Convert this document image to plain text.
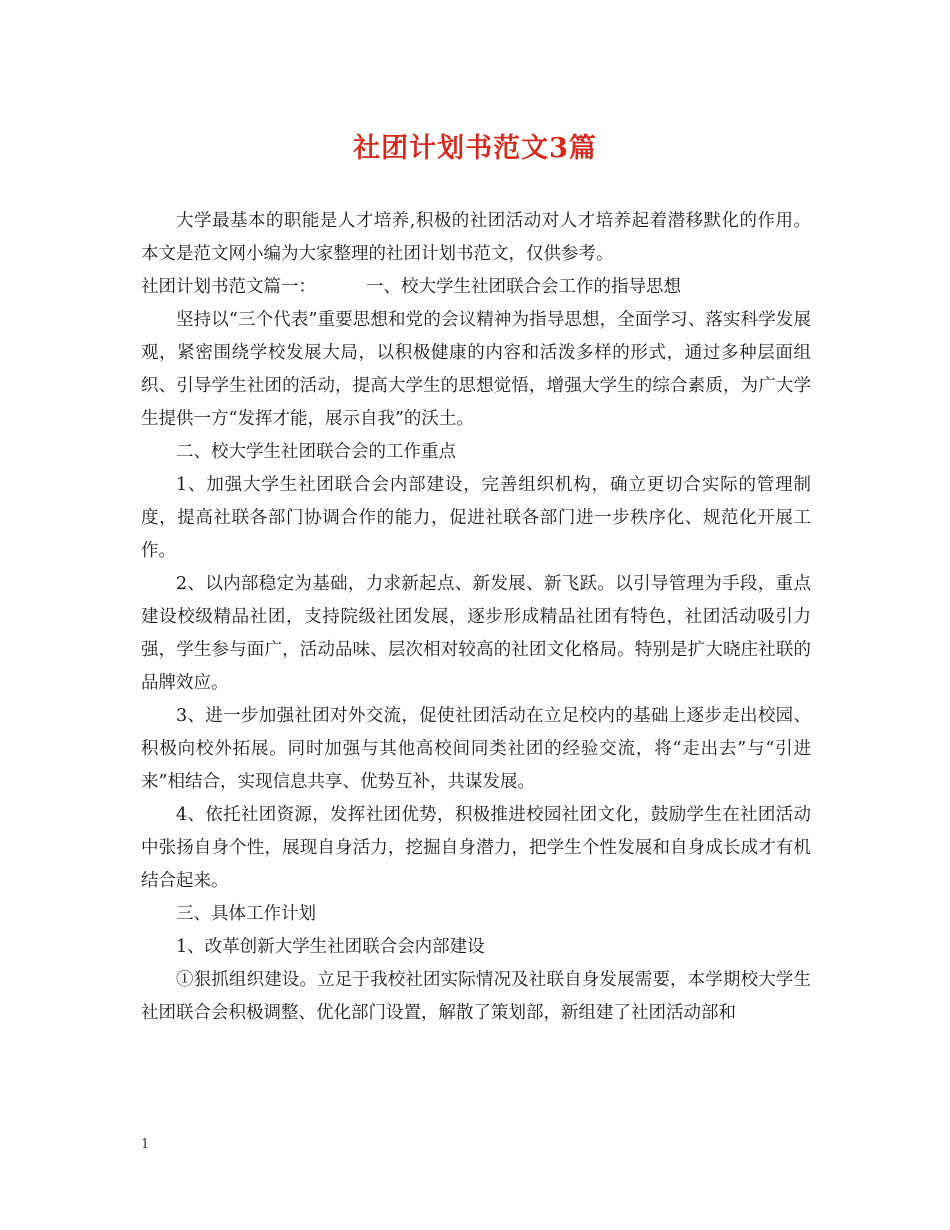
社团计划书范文3篇

大学最基本的职能是人才培养,积极的社团活动对人才培养起着潜移默化的作用。本文是范文网小编为大家整理的社团计划书范文，仅供参考。

社团计划书范文篇一：	一、校大学生社团联合会工作的指导思想

坚持以“三个代表”重要思想和党的会议精神为指导思想，全面学习、落实科学发展观，紧密围绕学校发展大局，以积极健康的内容和活泼多样的形式，通过多种层面组织、引导学生社团的活动，提高大学生的思想觉悟，增强大学生的综合素质，为广大学生提供一方“发挥才能，展示自我”的沃土。

二、校大学生社团联合会的工作重点

1、加强大学生社团联合会内部建设，完善组织机构，确立更切合实际的管理制度，提高社联各部门协调合作的能力，促进社联各部门进一步秩序化、规范化开展工作。

2、以内部稳定为基础，力求新起点、新发展、新飞跃。以引导管理为手段，重点建设校级精品社团，支持院级社团发展，逐步形成精品社团有特色，社团活动吸引力强，学生参与面广，活动品味、层次相对较高的社团文化格局。特别是扩大晓庄社联的品牌效应。

3、进一步加强社团对外交流，促使社团活动在立足校内的基础上逐步走出校园、积极向校外拓展。同时加强与其他高校间同类社团的经验交流，将“走出去”与“引进来”相结合，实现信息共享、优势互补，共谋发展。

4、依托社团资源，发挥社团优势，积极推进校园社团文化，鼓励学生在社团活动中张扬自身个性，展现自身活力，挖掘自身潜力，把学生个性发展和自身成长成才有机结合起来。

三、具体工作计划

1、改革创新大学生社团联合会内部建设

①狠抓组织建设。立足于我校社团实际情况及社联自身发展需要，本学期校大学生社团联合会积极调整、优化部门设置，解散了策划部，新组建了社团活动部和

1
